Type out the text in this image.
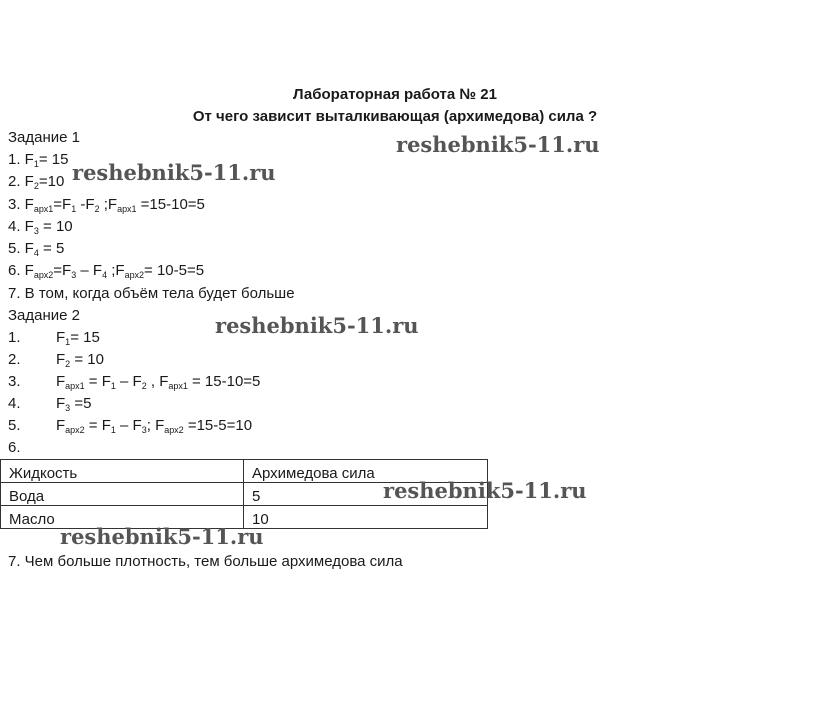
Лабораторная работа № 21
От чего зависит выталкивающая (архимедова) сила ?
Задание 1
1. $F_1= 15$
2. $F_2=10$
3. $F_{арх1}=F_1$ $-F_2$ $;F_{арх1} =15-10=5$
4. $F_3 = 10$
5. $F_4 = 5$
6. $F_{арх2}=F_3 - F_4$ $;F_{арх2}= 10-5=5$
7. В том, когда объём тела будет больше
Задание 2
1. $F_1= 15$
2. $F_2 = 10$
3. $F_{арх1} = F_1 - F_2$ , $F_{арх1} = 15-10=5$
4. $F_3 =5$
5. $F_{арх2} = F_1 - F_3$; $F_{арх2} =15-5=10$
6.
Жидкость	Архимедова сила
Вода	5
Масло	10
7. Чем больше плотность, тем больше архимедова сила
reshebnik5-11.ru
reshebnik5-11.ru
reshebnik5-11.ru
reshebnik5-11.ru
reshebnik5-11.ru
